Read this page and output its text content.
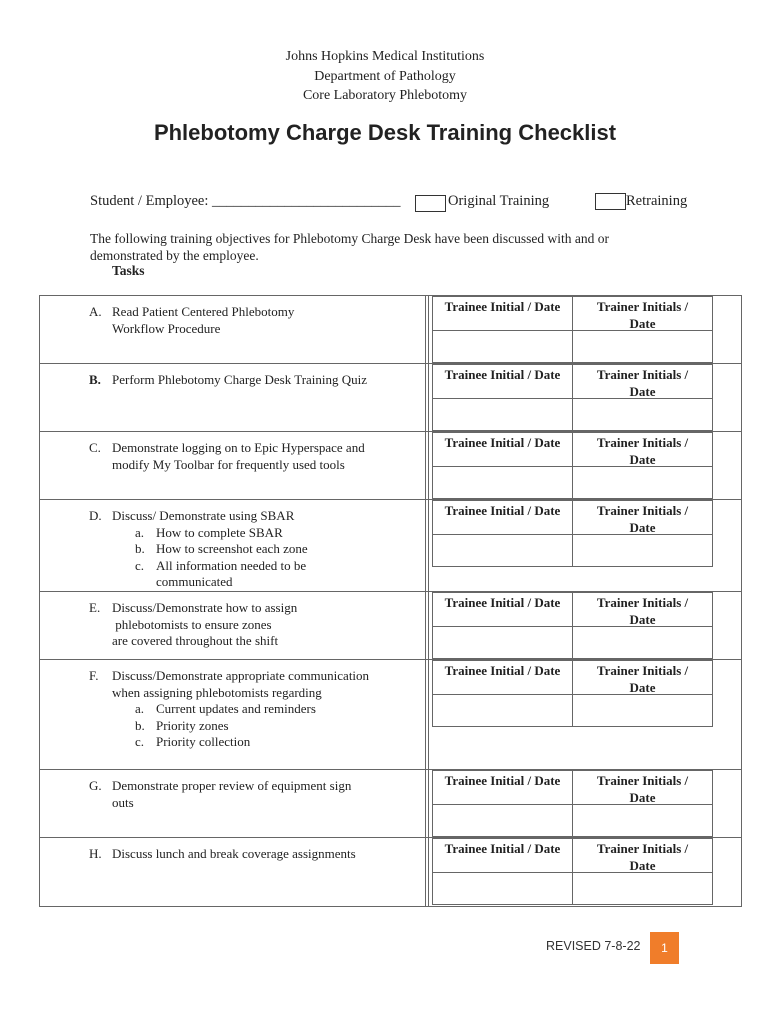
Johns Hopkins Medical Institutions
Department of Pathology
Core Laboratory Phlebotomy
Phlebotomy Charge Desk Training Checklist
Student / Employee: __________________________	Original Training	Retraining
The following training objectives for Phlebotomy Charge Desk have been discussed with and or demonstrated by the employee.
Tasks
A. Read Patient Centered Phlebotomy
Workflow Procedure
Trainee Initial / Date	Trainer Initials /
Date
B. Perform Phlebotomy Charge Desk Training Quiz	Trainee Initial / Date	Trainer Initials /
Date
C. Demonstrate logging on to Epic Hyperspace and
modify My Toolbar for frequently used tools
Trainee Initial / Date	Trainer Initials /
Date
D. Discuss/ Demonstrate using SBAR
a. How to complete SBAR
b. How to screenshot each zone
c. All information needed to be
communicated
Trainee Initial / Date	Trainer Initials /
Date
E. Discuss/Demonstrate how to assign
phlebotomists to ensure zones
are covered throughout the shift
Trainee Initial / Date	Trainer Initials /
Date
F. Discuss/Demonstrate appropriate communication
when assigning phlebotomists regarding
a. Current updates and reminders
b. Priority zones
c. Priority collection
Trainee Initial / Date	Trainer Initials /
Date
G. Demonstrate proper review of equipment sign
outs
Trainee Initial / Date	Trainer Initials /
Date
H. Discuss lunch and break coverage assignments	Trainee Initial / Date	Trainer Initials /
Date
REVISED 7-8-22	1
